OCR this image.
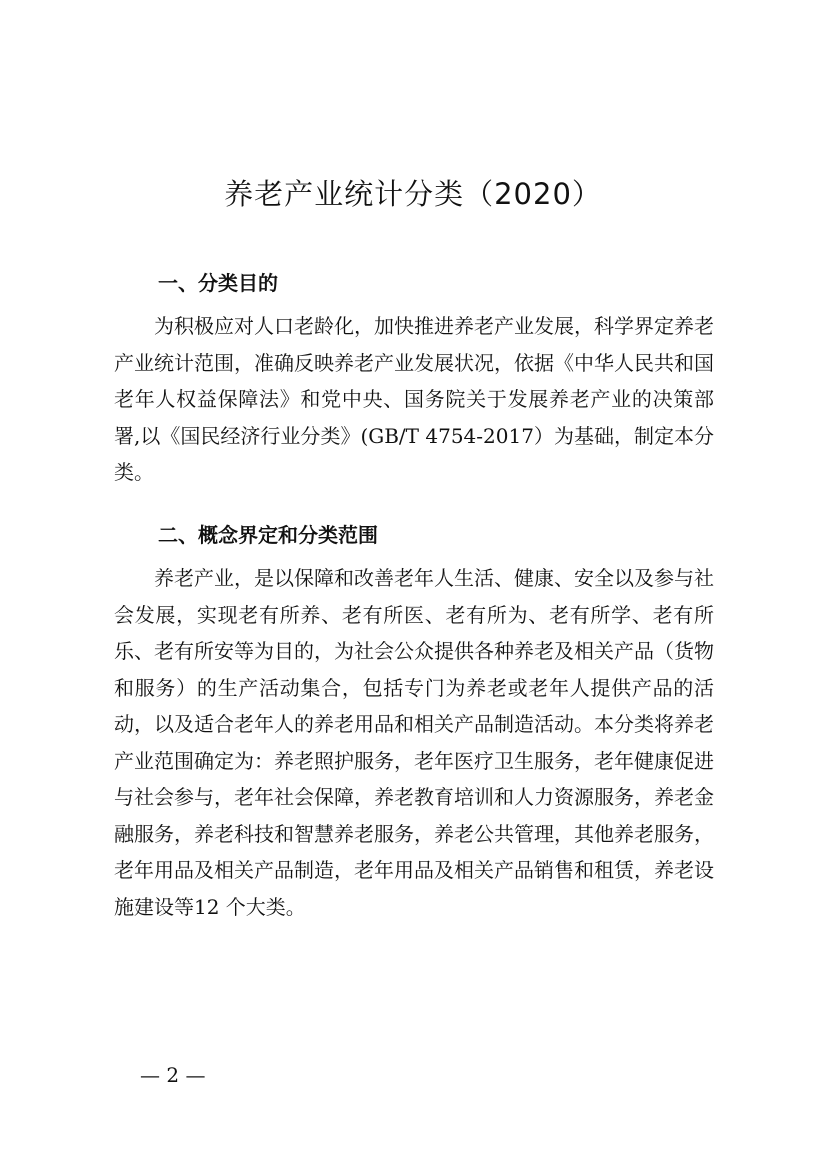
养老产业统计分类（2020）
一、分类目的

为积极应对人口老龄化，加快推进养老产业发展，科学界定养老产业统计范围，准确反映养老产业发展状况，依据《中华人民共和国老年人权益保障法》和党中央、国务院关于发展养老产业的决策部署,以《国民经济行业分类》(GB/T 4754-2017）为基础，制定本分类。

二、概念界定和分类范围

养老产业，是以保障和改善老年人生活、健康、安全以及参与社会发展，实现老有所养、老有所医、老有所为、老有所学、老有所乐、老有所安等为目的，为社会公众提供各种养老及相关产品（货物和服务）的生产活动集合，包括专门为养老或老年人提供产品的活动，以及适合老年人的养老用品和相关产品制造活动。本分类将养老产业范围确定为：养老照护服务，老年医疗卫生服务，老年健康促进与社会参与，老年社会保障，养老教育培训和人力资源服务，养老金融服务，养老科技和智慧养老服务，养老公共管理，其他养老服务，老年用品及相关产品制造，老年用品及相关产品销售和租赁，养老设施建设等12 个大类。

— 2 —
